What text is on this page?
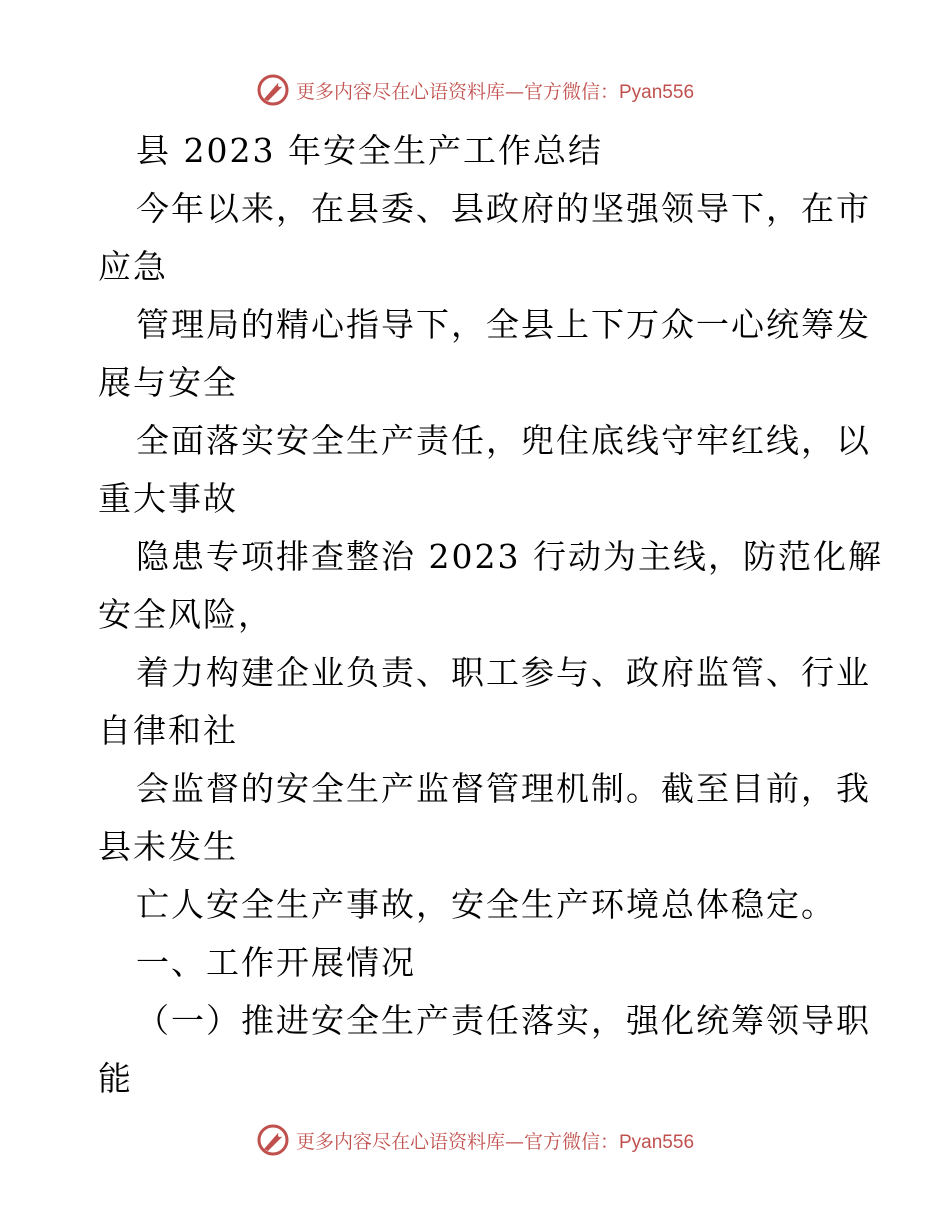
更多内容尽在心语资料库—官方微信：Pyan556
县 2023 年安全生产工作总结
今年以来，在县委、县政府的坚强领导下，在市
应急
管理局的精心指导下，全县上下万众一心统筹发
展与安全
全面落实安全生产责任，兜住底线守牢红线，以
重大事故
隐患专项排查整治 2023 行动为主线，防范化解
安全风险，
着力构建企业负责、职工参与、政府监管、行业
自律和社
会监督的安全生产监督管理机制。截至目前，我
县未发生
亡人安全生产事故，安全生产环境总体稳定。
一、工作开展情况
（一）推进安全生产责任落实，强化统筹领导职
能
更多内容尽在心语资料库—官方微信：Pyan556
